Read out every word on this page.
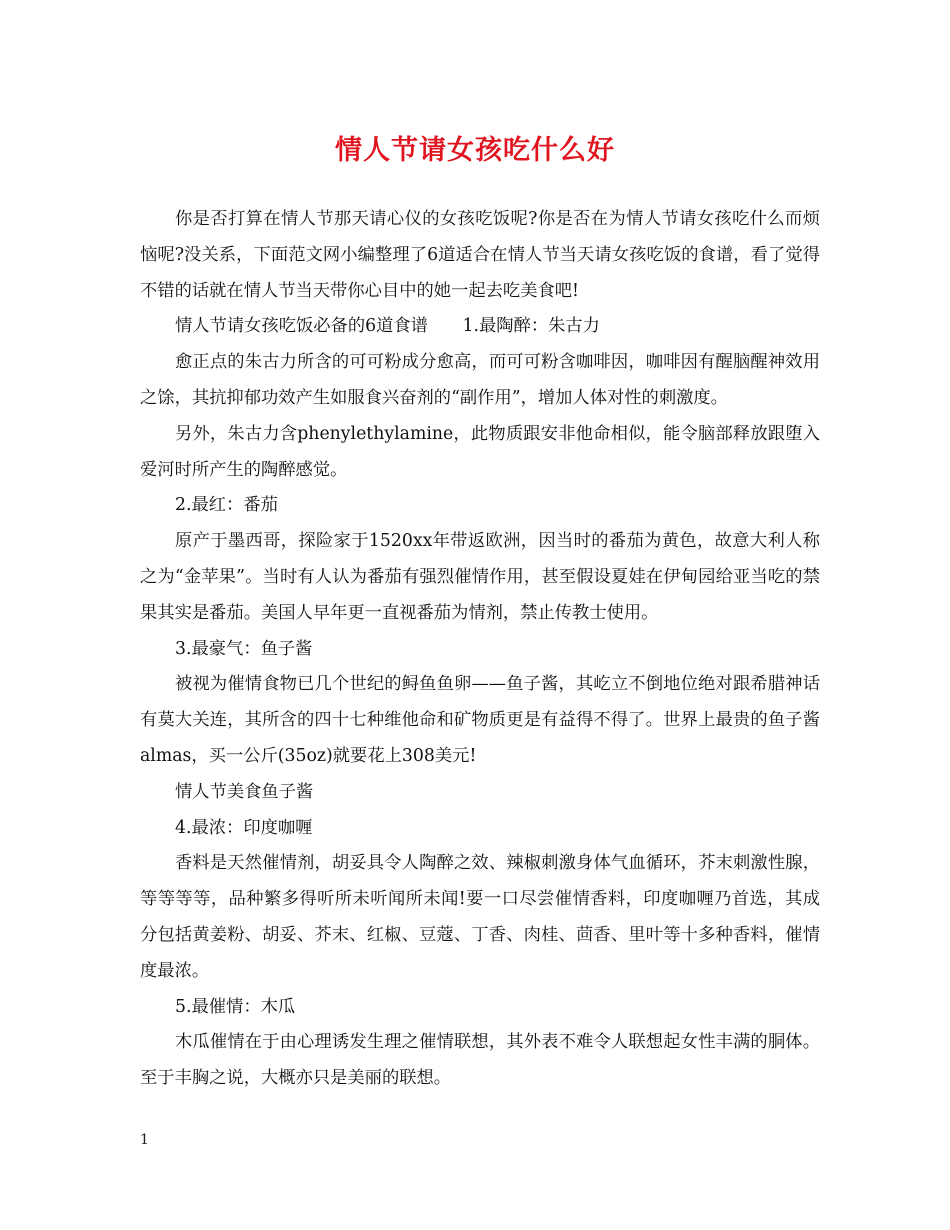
情人节请女孩吃什么好

你是否打算在情人节那天请心仪的女孩吃饭呢?你是否在为情人节请女孩吃什么而烦恼呢?没关系，下面范文网小编整理了6道适合在情人节当天请女孩吃饭的食谱，看了觉得不错的话就在情人节当天带你心目中的她一起去吃美食吧!

情人节请女孩吃饭必备的6道食谱　　1.最陶醉：朱古力

愈正点的朱古力所含的可可粉成分愈高，而可可粉含咖啡因，咖啡因有醒脑醒神效用之馀，其抗抑郁功效产生如服食兴奋剂的“副作用”，增加人体对性的刺激度。

另外，朱古力含phenylethylamine，此物质跟安非他命相似，能令脑部释放跟堕入爱河时所产生的陶醉感觉。

2.最红：番茄

原产于墨西哥，探险家于1520xx年带返欧洲，因当时的番茄为黄色，故意大利人称之为“金苹果”。当时有人认为番茄有强烈催情作用，甚至假设夏娃在伊甸园给亚当吃的禁果其实是番茄。美国人早年更一直视番茄为情剂，禁止传教士使用。

3.最豪气：鱼子酱

被视为催情食物已几个世纪的鲟鱼鱼卵——鱼子酱，其屹立不倒地位绝对跟希腊神话有莫大关连，其所含的四十七种维他命和矿物质更是有益得不得了。世界上最贵的鱼子酱almas，买一公斤(35oz)就要花上308美元!

情人节美食鱼子酱

4.最浓：印度咖喱

香料是天然催情剂，胡妥具令人陶醉之效、辣椒刺激身体气血循环，芥末刺激性腺，等等等等，品种繁多得听所未听闻所未闻!要一口尽尝催情香料，印度咖喱乃首选，其成分包括黄姜粉、胡妥、芥末、红椒、豆蔻、丁香、肉桂、茴香、里叶等十多种香料，催情度最浓。

5.最催情：木瓜

木瓜催情在于由心理诱发生理之催情联想，其外表不难令人联想起女性丰满的胴体。至于丰胸之说，大概亦只是美丽的联想。

1
